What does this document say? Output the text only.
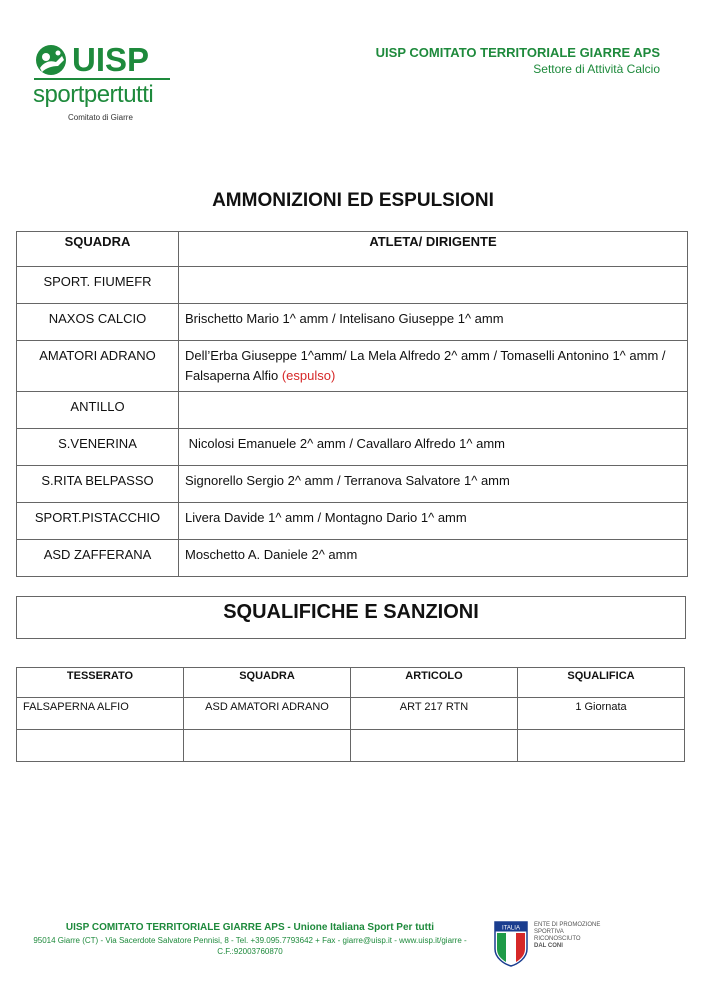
UISP
sportpertutti
Comitato di Giarre
UISP COMITATO TERRITORIALE GIARRE APS
Settore di Attività Calcio
AMMONIZIONI ED ESPULSIONI
SQUADRA	ATLETA/ DIRIGENTE
SPORT. FIUMEFR	
NAXOS CALCIO	Brischetto Mario 1^ amm / Intelisano Giuseppe 1^ amm
AMATORI ADRANO	Dell’Erba Giuseppe 1^amm/ La Mela Alfredo 2^ amm / Tomaselli Antonino 1^ amm / Falsaperna Alfio (espulso)
ANTILLO	
S.VENERINA	Nicolosi Emanuele 2^ amm / Cavallaro Alfredo 1^ amm
S.RITA BELPASSO	Signorello Sergio 2^ amm / Terranova Salvatore 1^ amm
SPORT.PISTACCHIO	Livera Davide 1^ amm / Montagno Dario 1^ amm
ASD ZAFFERANA	Moschetto A. Daniele 2^ amm
SQUALIFICHE E SANZIONI
TESSERATO	SQUADRA	ARTICOLO	SQUALIFICA
FALSAPERNA ALFIO	ASD AMATORI ADRANO	ART 217 RTN	1 Giornata

UISP COMITATO TERRITORIALE GIARRE APS - Unione Italiana Sport Per tutti
95014 Giarre (CT) - Via Sacerdote Salvatore Pennisi, 8 - Tel. +39.095.7793642 + Fax - giarre@uisp.it - www.uisp.it/giarre - C.F.:92003760870
ITALIA
ENTE DI PROMOZIONE
SPORTIVA
RICONOSCIUTO
DAL CONI
